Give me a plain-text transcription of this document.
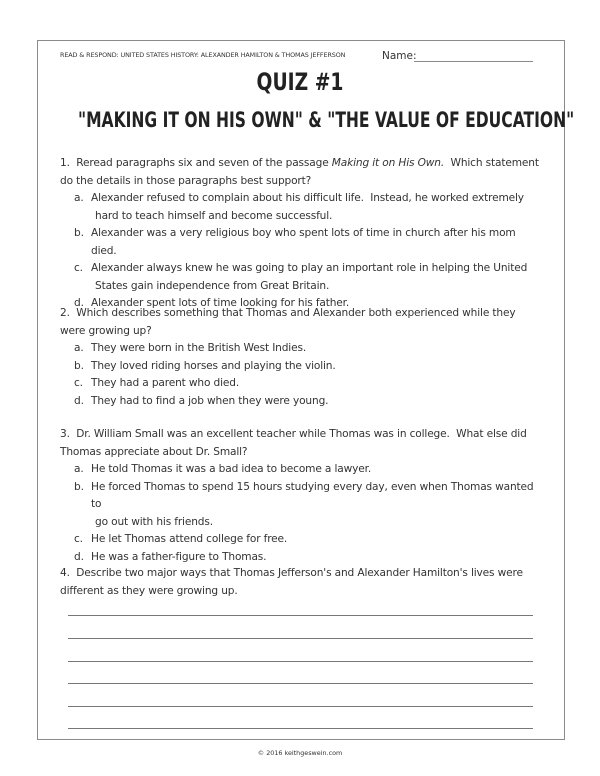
READ & RESPOND: UNITED STATES HISTORY: ALEXANDER HAMILTON & THOMAS JEFFERSON	Name:
QUIZ #1
"MAKING IT ON HIS OWN" & "THE VALUE OF EDUCATION"

1. Reread paragraphs six and seven of the passage Making it on His Own.  Which statement do the details in those paragraphs best support?

a. Alexander refused to complain about his difficult life.  Instead, he worked extremely
hard to teach himself and become successful.
b. Alexander was a very religious boy who spent lots of time in church after his mom died.
c. Alexander always knew he was going to play an important role in helping the United
States gain independence from Great Britain.
d. Alexander spent lots of time looking for his father.

2. Which describes something that Thomas and Alexander both experienced while they were growing up?

a. They were born in the British West Indies.
b. They loved riding horses and playing the violin.
c. They had a parent who died.
d. They had to find a job when they were young.

3. Dr. William Small was an excellent teacher while Thomas was in college.  What else did Thomas appreciate about Dr. Small?

a. He told Thomas it was a bad idea to become a lawyer.
b. He forced Thomas to spend 15 hours studying every day, even when Thomas wanted to
go out with his friends.
c. He let Thomas attend college for free.
d. He was a father-figure to Thomas.

4. Describe two major ways that Thomas Jefferson's and Alexander Hamilton's lives were different as they were growing up.

© 2016 keithgeswein.com
